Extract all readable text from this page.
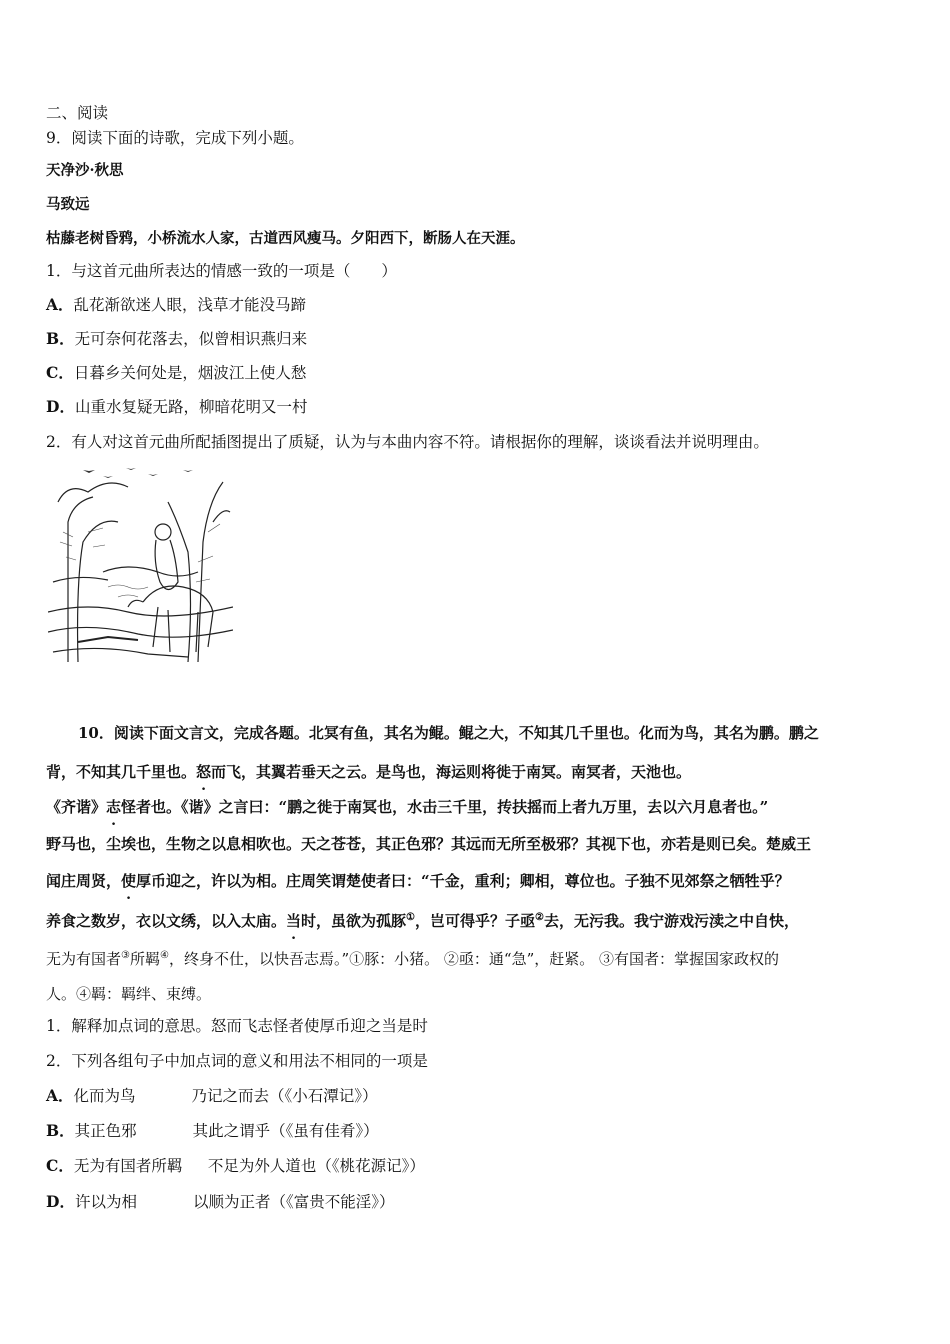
二、阅读
9．阅读下面的诗歌，完成下列小题。
天净沙·秋思
马致远
枯藤老树昏鸦，小桥流水人家，古道西风瘦马。夕阳西下，断肠人在天涯。
1．与这首元曲所表达的情感一致的一项是（　　）
A．乱花渐欲迷人眼，浅草才能没马蹄
B．无可奈何花落去，似曾相识燕归来
C．日暮乡关何处是，烟波江上使人愁
D．山重水复疑无路，柳暗花明又一村
2．有人对这首元曲所配插图提出了质疑，认为与本曲内容不符。请根据你的理解，谈谈看法并说明理由。
10．阅读下面文言文，完成各题。北冥有鱼，其名为鲲。鲲之大，不知其几千里也。化而为鸟，其名为鹏。鹏之
背，不知其几千里也。怒而飞，其翼若垂天之云。是鸟也，海运则将徙于南冥。南冥者，天池也。
《齐谐》志怪者也。《谐》之言曰：“鹏之徙于南冥也，水击三千里，抟扶摇而上者九万里，去以六月息者也。”
野马也，尘埃也，生物之以息相吹也。天之苍苍，其正色邪？其远而无所至极邪？其视下也，亦若是则已矣。楚威王
闻庄周贤，使厚币迎之，许以为相。庄周笑谓楚使者曰：“千金，重利；卿相，尊位也。子独不见郊祭之牺牲乎？
养食之数岁，衣以文绣，以入太庙。当时，虽欲为孤豚①，岂可得乎？子亟②去，无污我。我宁游戏污渎之中自快，
无为有国者③所羁④，终身不仕，以快吾志焉。”①豚：小猪。 ②亟：通“急”，赶紧。 ③有国者：掌握国家政权的
人。④羁：羁绊、束缚。
1．解释加点词的意思。怒而飞志怪者使厚币迎之当是时
2．下列各组句子中加点词的意义和用法不相同的一项是
A．化而为鸟	乃记之而去（《小石潭记》）
B．其正色邪	其此之谓乎（《虽有佳肴》）
C．无为有国者所羁 不足为外人道也（《桃花源记》）
D．许以为相	以顺为正者（《富贵不能淫》）
